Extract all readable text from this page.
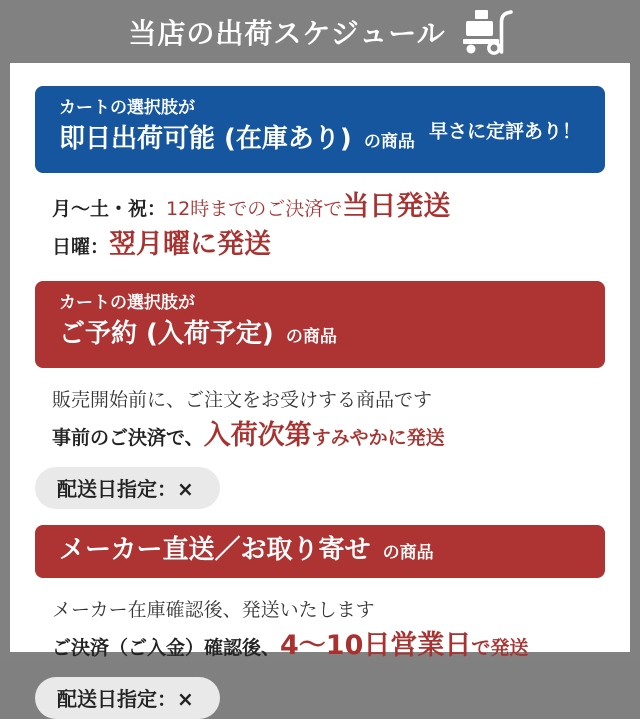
当店の出荷スケジュール
カートの選択肢が
即日出荷可能 (在庫あり) の商品 早さに定評あり！

月〜土・祝：12時までのご決済で当日発送

日曜：翌月曜に発送

カートの選択肢が
ご予約 (入荷予定) の商品

販売開始前に、ご注文をお受けする商品です

事前のご決済で、入荷次第すみやかに発送

配送日指定：×
メーカー直送／お取り寄せ の商品

メーカー在庫確認後、発送いたします

ご決済（ご入金）確認後、4〜10日営業日で発送

配送日指定：×
